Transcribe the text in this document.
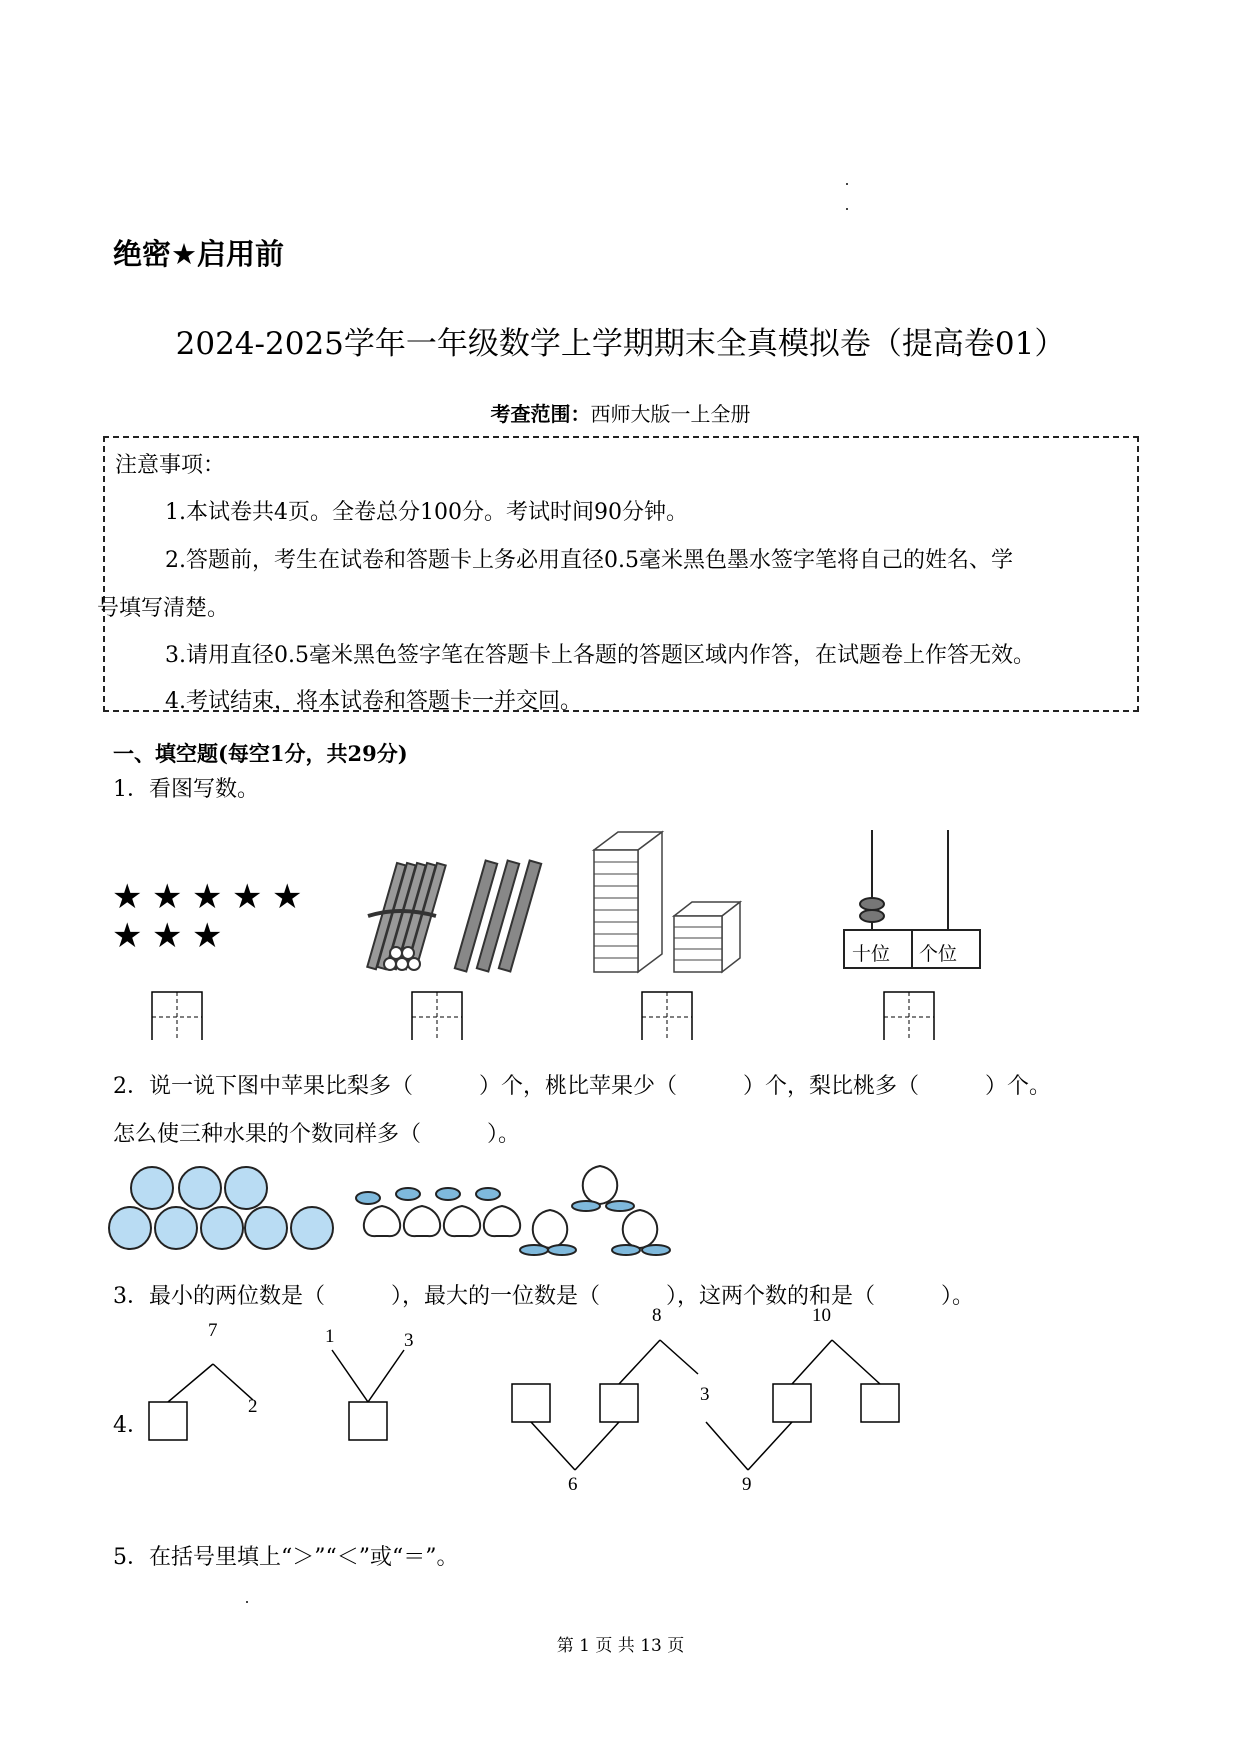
绝密★启用前
2024-2025学年一年级数学上学期期末全真模拟卷（提高卷01）
考查范围：西师大版一上全册
注意事项：
1.本试卷共4页。全卷总分100分。考试时间90分钟。
2.答题前，考生在试卷和答题卡上务必用直径0.5毫米黑色墨水签字笔将自己的姓名、学
号填写清楚。
3.请用直径0.5毫米黑色签字笔在答题卡上各题的答题区域内作答，在试题卷上作答无效。
4.考试结束，将本试卷和答题卡一并交回。
一、填空题(每空1分，共29分)
1．看图写数。
★ ★ ★ ★ ★
★ ★ ★	十位 个位
2．说一说下图中苹果比梨多（　　　）个，桃比苹果少（　　　）个，梨比桃多（　　　）个。
怎么使三种水果的个数同样多（　　　）。
3．最小的两位数是（　　　），最大的一位数是（　　　），这两个数的和是（　　　）。
4．
7
2
1	3
8
6
3
9
10
5．在括号里填上“＞”“＜”或“＝”。
第 1 页 共 13 页
